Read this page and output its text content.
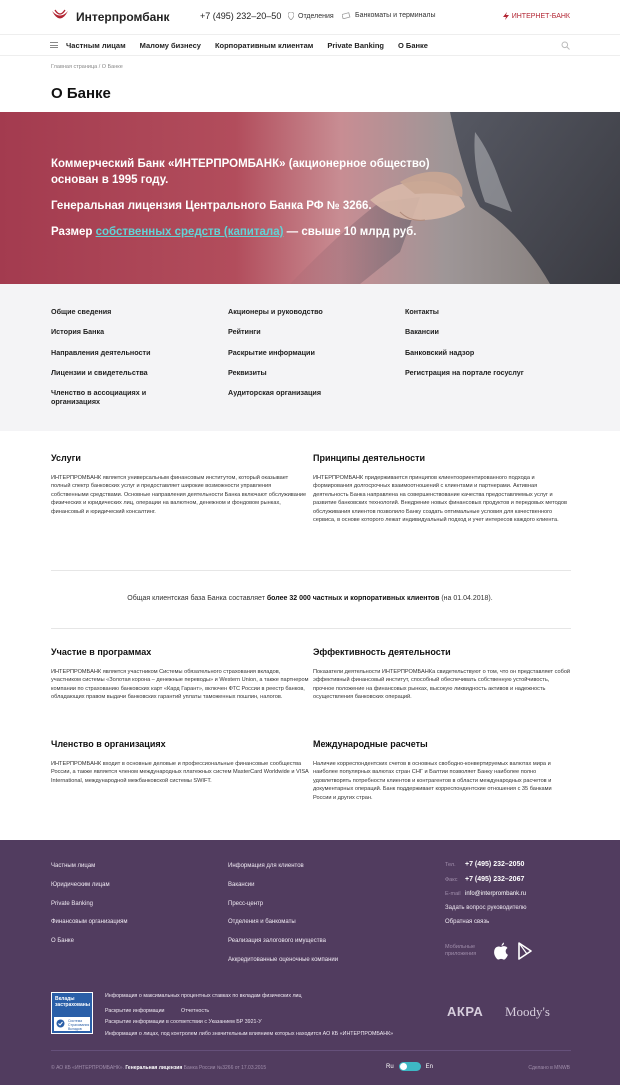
Интерпромбанк	+7 (495) 232–20–50 Отделения	Банкоматы и терминалы	ИНТЕРНЕТ-БАНК
Частным лицам Малому бизнесу Корпоративным клиентам Private Banking О Банке
Главная страница / О Банке
О Банке

Коммерческий Банк «ИНТЕРПРОМБАНК» (акционерное общество) основан в 1995 году.

Генеральная лицензия Центрального Банка РФ № 3266.

Размер собственных средств (капитала) — свыше 10 млрд руб.

Общие сведения
История Банка
Направления деятельности
Лицензии и свидетельства
Членство в ассоциациях и организациях
Акционеры и руководство
Рейтинги
Раскрытие информации
Реквизиты
Аудиторская организация
Контакты
Вакансии
Банковский надзор
Регистрация на портале госуслуг
Услуги

ИНТЕРПРОМБАНК является универсальным финансовым институтом, который оказывает полный спектр банковских услуг и предоставляет широкие возможности управления собственными средствами. Основные направления деятельности Банка включают обслуживание физических и юридических лиц, операции на валютном, денежном и фондовом рынках, финансовый и юридический консалтинг.

Принципы деятельности

ИНТЕРПРОМБАНК придерживается принципов клиентоориентированного подхода и формирования долгосрочных взаимоотношений с клиентами и партнерами. Активная деятельность Банка направлена на совершенствование качества предоставляемых услуг и развитие банковских технологий. Внедрение новых финансовых продуктов и передовых методов обслуживания клиентов позволило Банку создать оптимальные условия для качественного сервиса, в основе которого лежат индивидуальный подход и учет интересов каждого клиента.

Общая клиентская база Банка составляет более 32 000 частных и корпоративных клиентов (на 01.04.2018).
Участие в программах

ИНТЕРПРОМБАНК является участником Системы обязательного страхования вкладов, участником системы «Золотая корона – денежные переводы» и Western Union, а также партнером компании по страхованию банковских карт «Кард Гарант», включен ФТС России в реестр банков, обладающих правом выдачи банковских гарантий уплаты таможенных пошлин, налогов.

Эффективность деятельности

Показатели деятельности ИНТЕРПРОМБАНКа свидетельствуют о том, что он представляет собой эффективный финансовый институт, способный обеспечивать собственную устойчивость, прочное положение на финансовых рынках, высокую ликвидность активов и надежность осуществления банковских операций.

Членство в организациях

ИНТЕРПРОМБАНК входит в основные деловые и профессиональные финансовые сообщества России, а также является членом международных платежных систем MasterCard Worldwide и VISA International, международной межбанковской системы SWIFT.

Международные расчеты

Наличие корреспондентских счетов в основных свободно-конвертируемых валютах мира и наиболее популярных валютах стран СНГ и Балтии позволяет Банку наиболее полно удовлетворять потребности клиентов и контрагентов в области международных расчетов и документарных операций. Банк поддерживает корреспондентские отношения с 35 банками России и других стран.

Частным лицам
Юридическим лицам
Private Banking
Финансовым организациям
О Банке
Информация для клиентов
Вакансии
Пресс-центр
Отделения и банкоматы
Реализация залогового имущества
Аккредитованные оценочные компании
Тел.	+7 (495) 232–2050
Факс	+7 (495) 232–2067
E-mail info@interprombank.ru
Задать вопрос руководителю
Обратная связь
Мобильные приложения
Вклады застрахованы
Система Страхования Вкладов
Информация о максимальных процентных ставках по вкладам физических лиц
Раскрытие информации	Отчетность
Раскрытие информации в соответствии с Указанием БР 3921-У
Информация о лицах, под контролем либо значительным влиянием которых находится АО КБ «ИНТЕРПРОМБАНК»
АКРА Moody's
© АО КБ «ИНТЕРПРОМБАНК». Генеральная лицензия Банка России №3266 от 17.03.2015	Ru	En	Сделано в MNWB
